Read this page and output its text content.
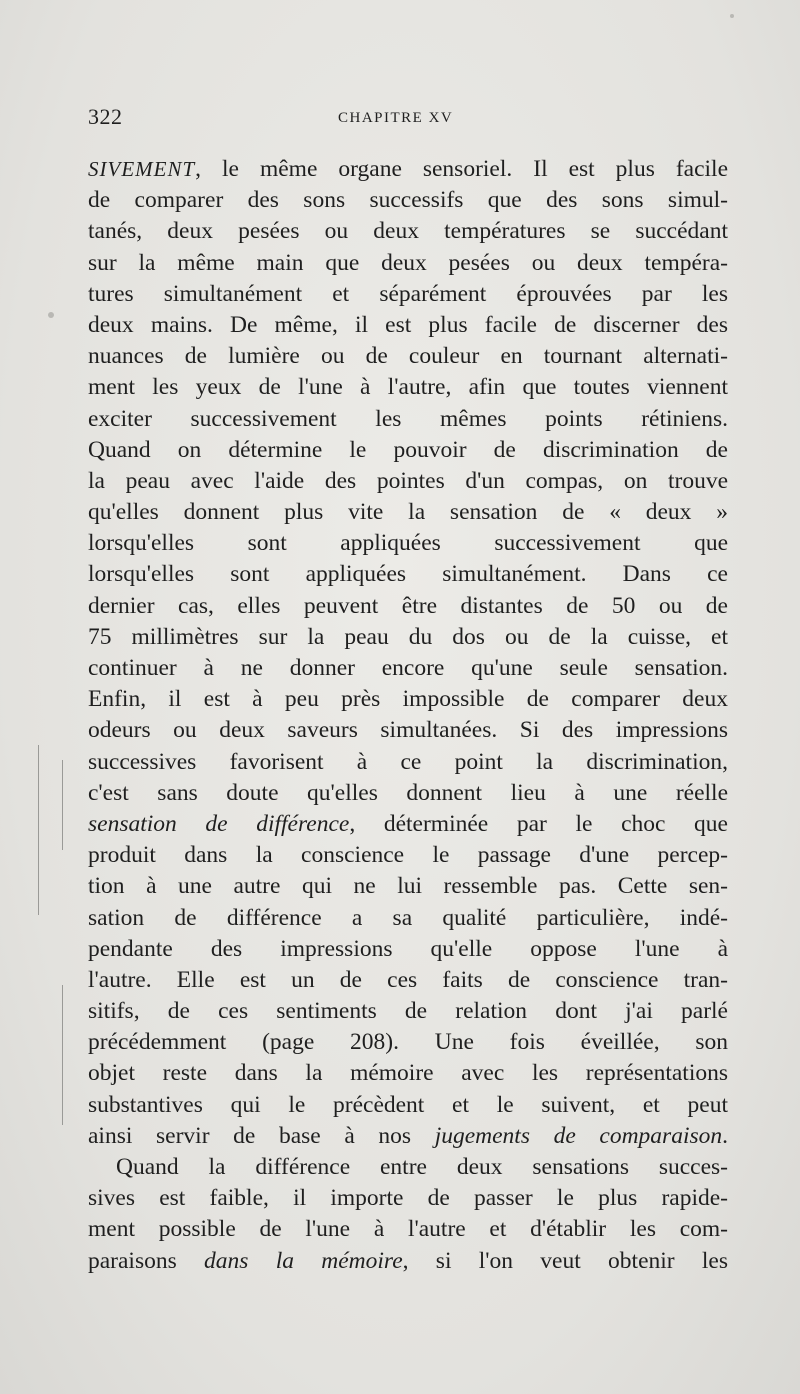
322	CHAPITRE XV
SIVEMENT, le même organe sensoriel. Il est plus facile
de comparer des sons successifs que des sons simul-
tanés, deux pesées ou deux températures se succédant
sur la même main que deux pesées ou deux tempéra-
tures simultanément et séparément éprouvées par les
deux mains. De même, il est plus facile de discerner des
nuances de lumière ou de couleur en tournant alternati-
ment les yeux de l'une à l'autre, afin que toutes viennent
exciter successivement les mêmes points rétiniens.
Quand on détermine le pouvoir de discrimination de
la peau avec l'aide des pointes d'un compas, on trouve
qu'elles donnent plus vite la sensation de « deux »
lorsqu'elles sont appliquées successivement que
lorsqu'elles sont appliquées simultanément. Dans ce
dernier cas, elles peuvent être distantes de 50 ou de
75 millimètres sur la peau du dos ou de la cuisse, et
continuer à ne donner encore qu'une seule sensation.
Enfin, il est à peu près impossible de comparer deux
odeurs ou deux saveurs simultanées. Si des impressions
successives favorisent à ce point la discrimination,
c'est sans doute qu'elles donnent lieu à une réelle
sensation de différence, déterminée par le choc que
produit dans la conscience le passage d'une percep-
tion à une autre qui ne lui ressemble pas. Cette sen-
sation de différence a sa qualité particulière, indé-
pendante des impressions qu'elle oppose l'une à
l'autre. Elle est un de ces faits de conscience tran-
sitifs, de ces sentiments de relation dont j'ai parlé
précédemment (page 208). Une fois éveillée, son
objet reste dans la mémoire avec les représentations
substantives qui le précèdent et le suivent, et peut
ainsi servir de base à nos jugements de comparaison.
Quand la différence entre deux sensations succes-
sives est faible, il importe de passer le plus rapide-
ment possible de l'une à l'autre et d'établir les com-
paraisons dans la mémoire, si l'on veut obtenir les
